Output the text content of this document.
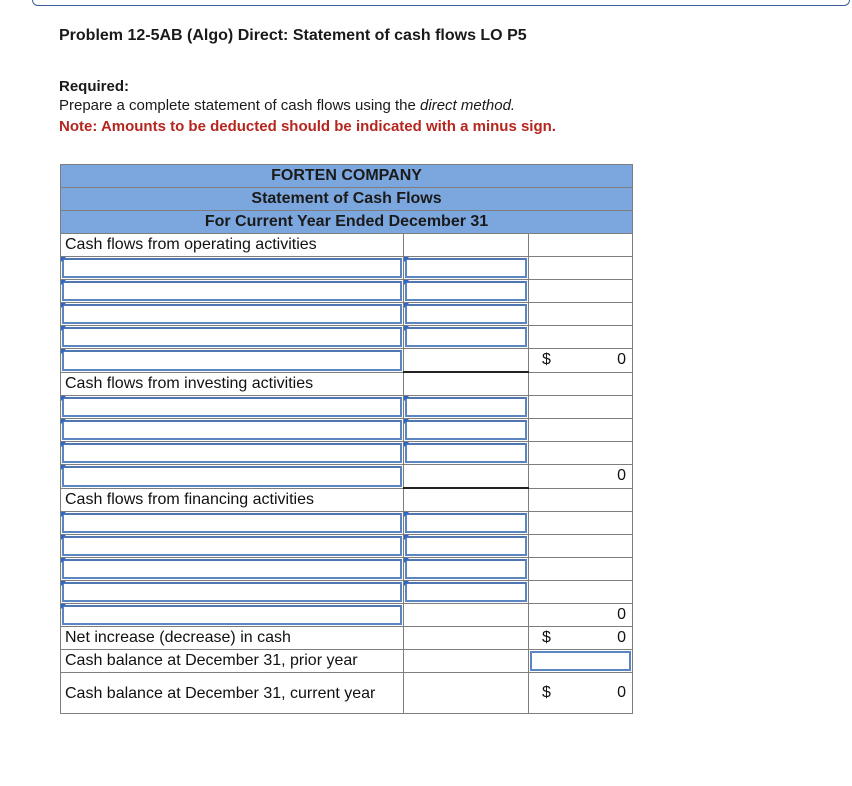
Problem 12-5AB (Algo) Direct: Statement of cash flows LO P5
Required:
Prepare a complete statement of cash flows using the direct method.
Note: Amounts to be deducted should be indicated with a minus sign.
FORTEN COMPANY		
Statement of Cash Flows		
For Current Year Ended December 31		
Cash flows from operating activities		

		$ 0
Cash flows from investing activities		

		0
Cash flows from financing activities		

		0
Net increase (decrease) in cash		$ 0
Cash balance at December 31, prior year		

Cash balance at December 31, current year		$ 0
